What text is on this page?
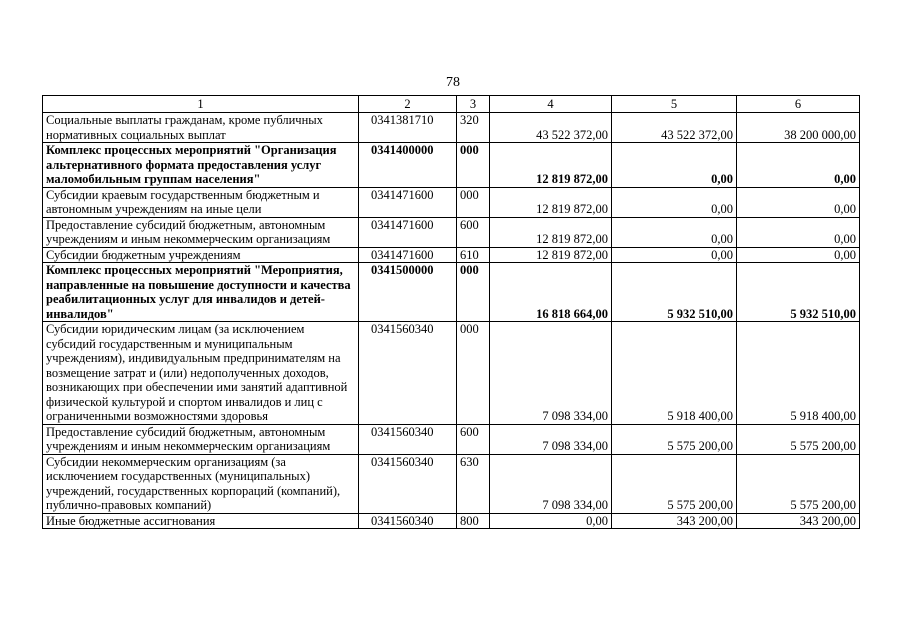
78
1	2	3	4	5	6
Социальные выплаты гражданам, кроме публичных нормативных социальных выплат	0341381710	320	43 522 372,00	43 522 372,00	38 200 000,00
Комплекс процессных мероприятий "Организация альтернативного формата предоставления услуг маломобильным группам населения"	0341400000	000	12 819 872,00	0,00	0,00
Субсидии краевым государственным бюджетным и автономным учреждениям на иные цели	0341471600	000	12 819 872,00	0,00	0,00
Предоставление субсидий бюджетным, автономным учреждениям и иным некоммерческим организациям	0341471600	600	12 819 872,00	0,00	0,00
Субсидии бюджетным учреждениям	0341471600	610	12 819 872,00	0,00	0,00
Комплекс процессных мероприятий "Мероприятия, направленные на повышение доступности и качества реабилитационных услуг для инвалидов и детей-инвалидов"	0341500000	000	16 818 664,00	5 932 510,00	5 932 510,00
Субсидии юридическим лицам (за исключением субсидий государственным и муниципальным учреждениям), индивидуальным предпринимателям на возмещение затрат и (или) недополученных доходов, возникающих при обеспечении ими занятий адаптивной физической культурой и спортом инвалидов и лиц с ограниченными возможностями здоровья	0341560340	000	7 098 334,00	5 918 400,00	5 918 400,00
Предоставление субсидий бюджетным, автономным учреждениям и иным некоммерческим организациям	0341560340	600	7 098 334,00	5 575 200,00	5 575 200,00
Субсидии некоммерческим организациям (за исключением государственных (муниципальных) учреждений, государственных корпораций (компаний), публично-правовых компаний)	0341560340	630	7 098 334,00	5 575 200,00	5 575 200,00
Иные бюджетные ассигнования	0341560340	800	0,00	343 200,00	343 200,00
